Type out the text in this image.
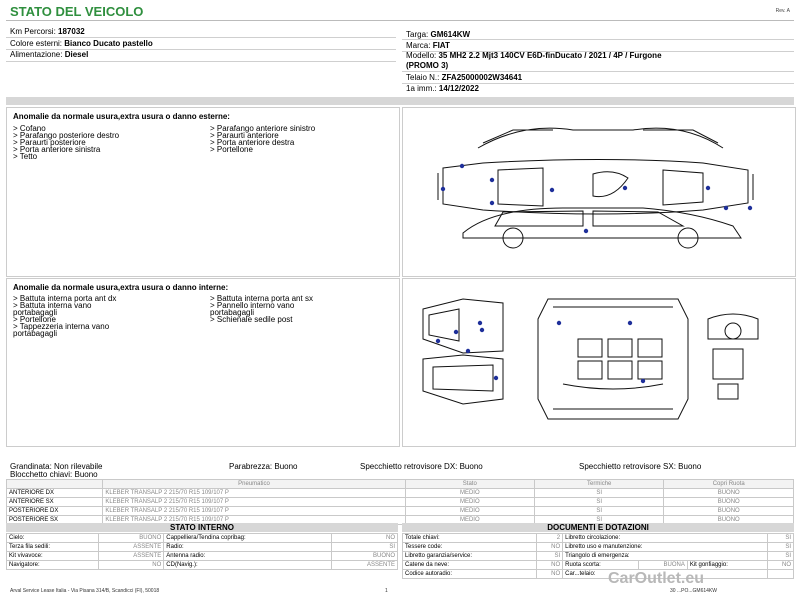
STATO DEL VEICOLO	Rev. A
Km Percorsi: 187032
Colore esterni: Bianco Ducato pastello
Alimentazione: Diesel
Targa: GM614KW
Marca: FIAT
Modello: 35 MH2 2.2 Mjt3 140CV E6D-finDucato / 2021 / 4P / Furgone
(PROMO 3)
Telaio N.: ZFA25000002W34641
1a imm.: 14/12/2022
Anomalie da normale usura,extra usura o danno esterne:
> Cofano
> Parafango posteriore destro
> Paraurti posteriore
> Porta anteriore sinistra
> Tetto
> Parafango anteriore sinistro
> Paraurti anteriore
> Porta anteriore destra
> Portellone
Anomalie da normale usura,extra usura o danno interne:
> Battuta interna porta ant dx
> Battuta interna vano
portabagagli
> Portellone
> Tappezzeria interna vano
portabagagli
> Battuta interna porta ant sx
> Pannello interno vano
portabagagli
> Schienale sedile post
Grandinata: Non rilevabile	Parabrezza: Buono	Specchietto retrovisore DX: Buono	Specchietto retrovisore SX: Buono
Blocchetto chiavi: Buono
	Pneumatico	Stato	Termiche	Copri Ruota
ANTERIORE DX	KLEBER TRANSALP 2 215/70 R15 109/107 P	MEDIO	SI	BUONO
ANTERIORE SX	KLEBER TRANSALP 2 215/70 R15 109/107 P	MEDIO	SI	BUONO
POSTERIORE DX	KLEBER TRANSALP 2 215/70 R15 109/107 P	MEDIO	SI	BUONO
POSTERIORE SX	KLEBER TRANSALP 2 215/70 R15 109/107 P	MEDIO	SI	BUONO
STATO INTERNO
Cielo:	BUONO	Cappelliera/Tendina copribag:	NO
Terza fila sedili:	ASSENTE	Radio:	SI
Kit vivavoce:	ASSENTE	Antenna radio:	BUONO
Navigatore:	NO	CD(Navig.):	ASSENTE
DOCUMENTI E DOTAZIONI
Totale chiavi:	2	Libretto circolazione:			SI
Tessere code:	NO	Libretto uso e manutenzione:			SI
Libretto garanzia/service:	SI	Triangolo di emergenza:			SI
Catene da neve:	NO	Ruota scorta:	BUONA	Kit gonfiaggio:	NO
Codice autoradio:	NO	Car...telaio:			
Arval Service Lease Italia - Via Pisana 314/B, Scandicci (FI), 50018	1	30 ...PO...GM614KW
CarOutlet.eu
